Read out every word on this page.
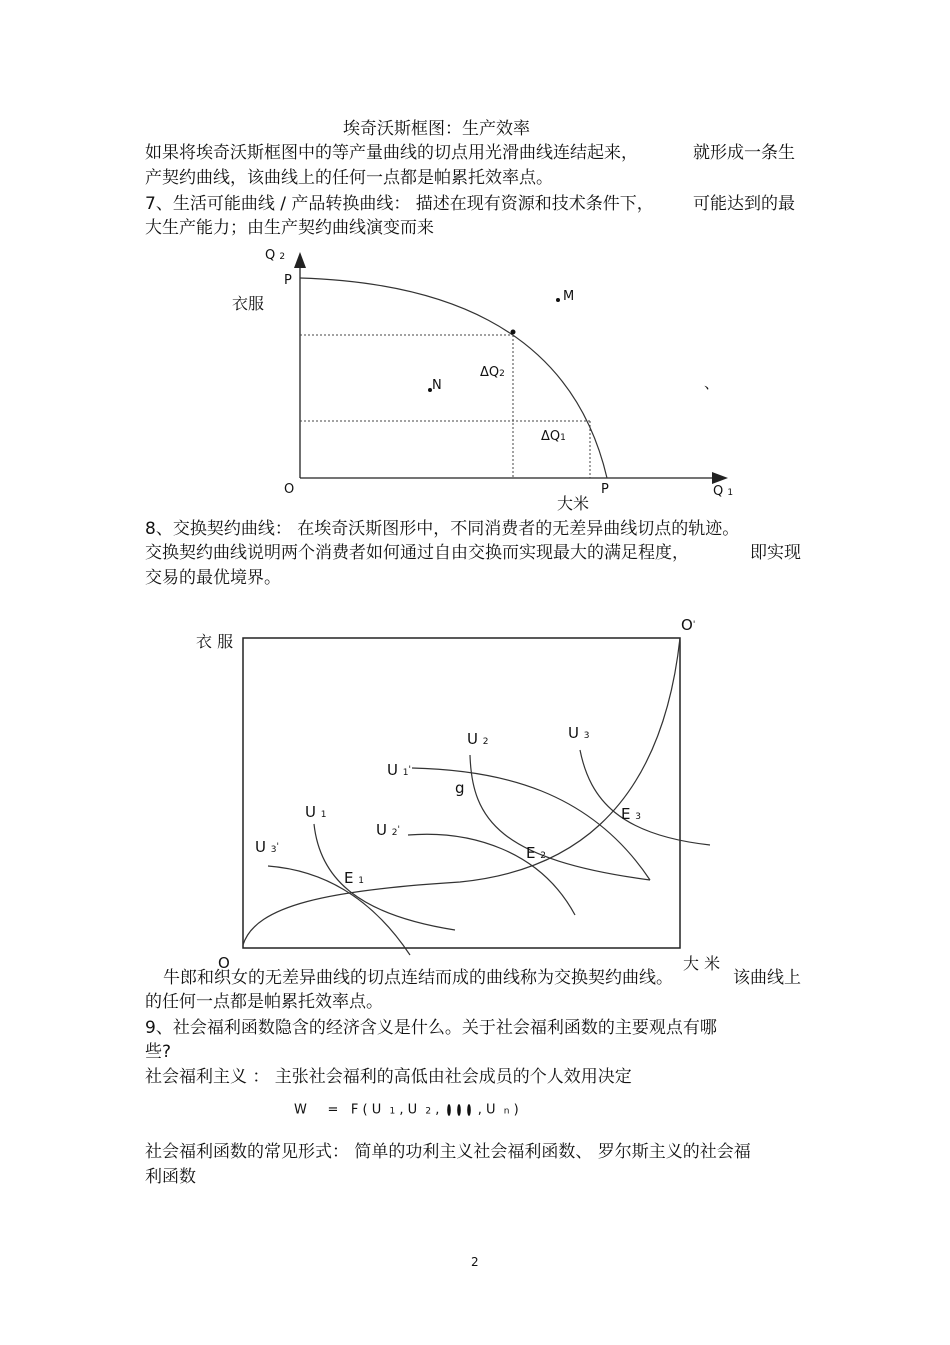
埃奇沃斯框图：生产效率
如果将埃奇沃斯框图中的等产量曲线的切点用光滑曲线连结起来，	就形成一条生
产契约曲线，该曲线上的任何一点都是帕累托效率点。
7、生活可能曲线 / 产品转换曲线： 描述在现有资源和技术条件下， 可能达到的最
大生产能力；由生产契约曲线演变而来
Q 2
P
衣服	M
N
ΔQ2
ΔQ1
、
O	P	Q 1
大米
8、交换契约曲线： 在埃奇沃斯图形中，不同消费者的无差异曲线切点的轨迹。
交换契约曲线说明两个消费者如何通过自由交换而实现最大的满足程度，	即实现
交易的最优境界。
衣 服
O'
U 2	U 3
U 1'
g
U 1	E 3
U 2'
U 3'	E 2
E 1
O	大 米
牛郎和织女的无差异曲线的切点连结而成的曲线称为交换契约曲线。	该曲线上
的任何一点都是帕累托效率点。
9、社会福利函数隐含的经济含义是什么。关于社会福利函数的主要观点有哪
些?
社会福利主义 ： 主张社会福利的高低由社会成员的个人效用决定
W = F ( U 1 , U 2 ,	, U n )
社会福利函数的常见形式： 简单的功利主义社会福利函数、 罗尔斯主义的社会福
利函数
2
